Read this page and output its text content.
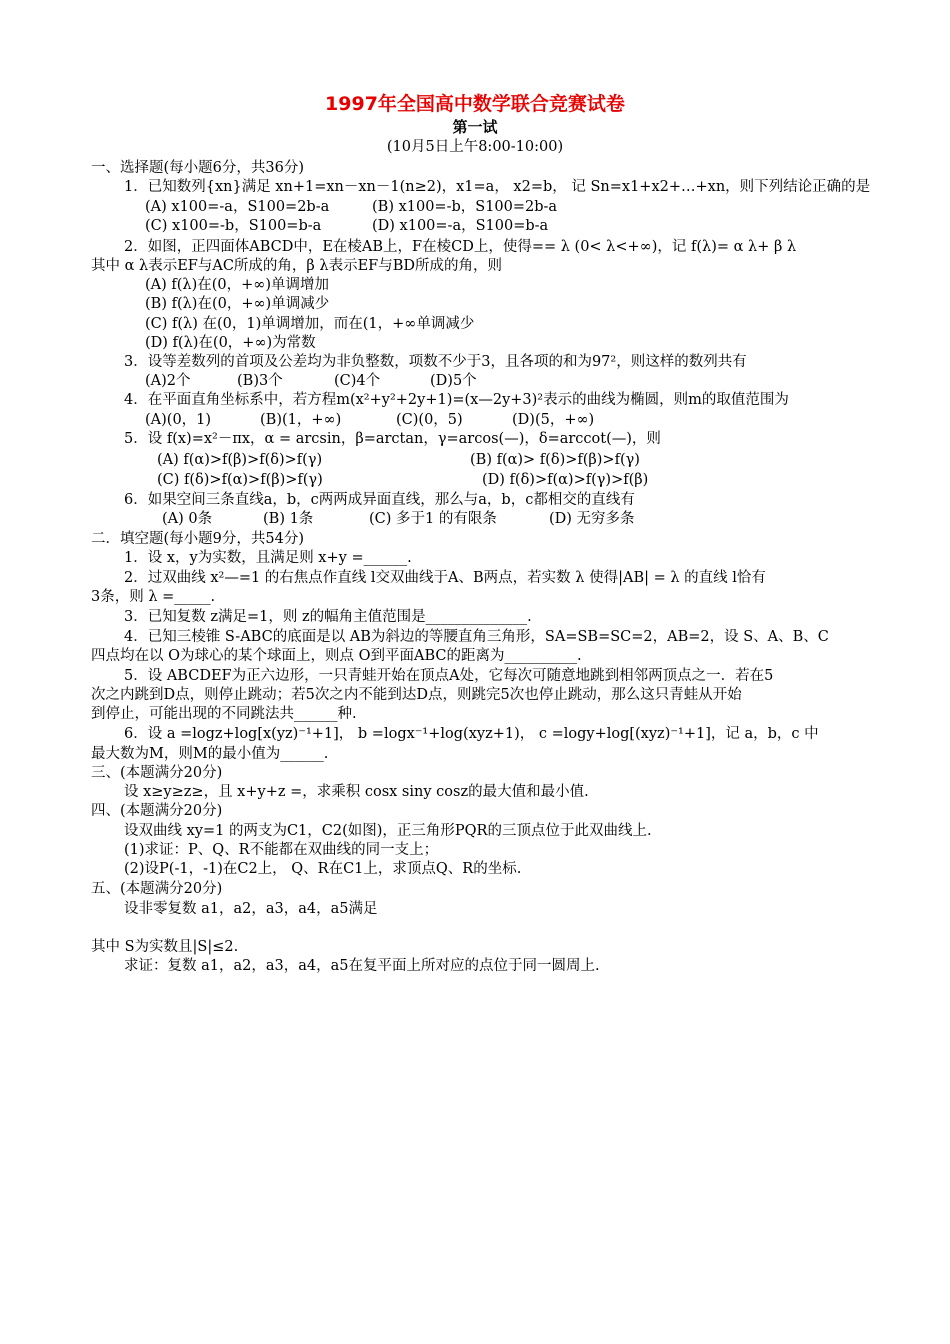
1997年全国高中数学联合竞赛试卷
第一试
(10月5日上午8:00-10:00)
一、选择题(每小题6分，共36分)
1．已知数列{xn}满足 xn+1=xn－xn－1(n≥2)，x1=a， x2=b， 记 Sn=x1+x2+…+xn，则下列结论正确的是
(A) x100=-a，S100=2b-a	(B) x100=-b，S100=2b-a
(C) x100=-b，S100=b-a	(D) x100=-a，S100=b-a
2．如图，正四面体ABCD中，E在棱AB上，F在棱CD上，使得== λ (0< λ<+∞)，记 f(λ)= α λ+ β λ
其中 α λ表示EF与AC所成的角，β λ表示EF与BD所成的角，则
(A) f(λ)在(0，+∞)单调增加
(B) f(λ)在(0，+∞)单调减少
(C) f(λ) 在(0，1)单调增加，而在(1，+∞单调减少
(D) f(λ)在(0，+∞)为常数
3．设等差数列的首项及公差均为非负整数，项数不少于3，且各项的和为97²，则这样的数列共有
(A)2个	(B)3个	(C)4个	(D)5个
4．在平面直角坐标系中，若方程m(x²+y²+2y+1)=(x—2y+3)²表示的曲线为椭圆，则m的取值范围为
(A)(0，1)	(B)(1，+∞)	(C)(0，5)	(D)(5，+∞)
5．设 f(x)=x²－πx，α = arcsin，β=arctan，γ=arcos(—)，δ=arccot(—)，则
(A) f(α)>f(β)>f(δ)>f(γ)	(B) f(α)> f(δ)>f(β)>f(γ)
(C) f(δ)>f(α)>f(β)>f(γ)	(D) f(δ)>f(α)>f(γ)>f(β)
6．如果空间三条直线a，b，c两两成异面直线，那么与a，b，c都相交的直线有
(A) 0条	(B) 1条	(C) 多于1 的有限条	(D) 无穷多条
二．填空题(每小题9分，共54分)
1．设 x，y为实数，且满足则 x+y =______.
2．过双曲线 x²—=1 的右焦点作直线 l交双曲线于A、B两点，若实数 λ 使得|AB| = λ 的直线 l恰有
3条，则 λ =_____.
3．已知复数 z满足=1，则 z的幅角主值范围是______________.
4．已知三棱锥 S-ABC的底面是以 AB为斜边的等腰直角三角形，SA=SB=SC=2，AB=2，设 S、A、B、C
四点均在以 O为球心的某个球面上，则点 O到平面ABC的距离为__________.
5．设 ABCDEF为正六边形，一只青蛙开始在顶点A处，它每次可随意地跳到相邻两顶点之一．若在5
次之内跳到D点，则停止跳动；若5次之内不能到达D点，则跳完5次也停止跳动，那么这只青蛙从开始
到停止，可能出现的不同跳法共______种.
6．设 a =logz+log[x(yz)⁻¹+1]， b =logx⁻¹+log(xyz+1)， c =logy+log[(xyz)⁻¹+1]，记 a，b，c 中
最大数为M，则M的最小值为______.
三、(本题满分20分)
设 x≥y≥z≥，且 x+y+z =，求乘积 cosx siny cosz的最大值和最小值.
四、(本题满分20分)
设双曲线 xy=1 的两支为C1，C2(如图)，正三角形PQR的三顶点位于此双曲线上.
(1)求证：P、Q、R不能都在双曲线的同一支上；
(2)设P(-1，-1)在C2上， Q、R在C1上，求顶点Q、R的坐标.
五、(本题满分20分)
设非零复数 a1，a2，a3，a4，a5满足
其中 S为实数且|S|≤2.
求证：复数 a1，a2，a3，a4，a5在复平面上所对应的点位于同一圆周上.
